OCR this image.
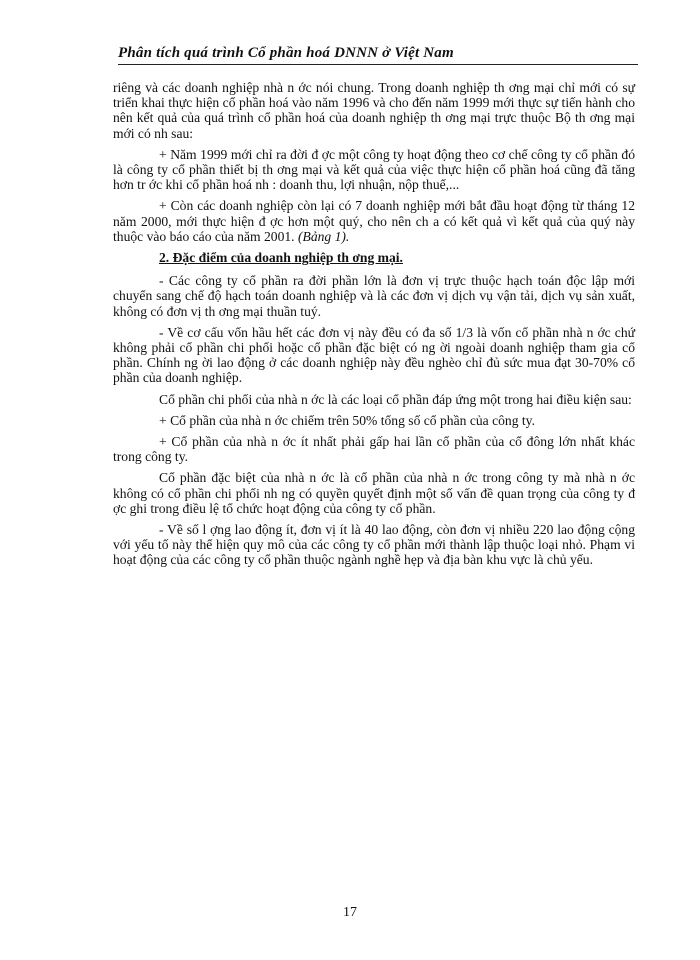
Phân tích quá trình Cổ phần hoá DNNN ở Việt Nam

riêng và các doanh nghiệp nhà n ớc nói chung. Trong doanh nghiệp th ơng mại chỉ mới có sự triển khai thực hiện cổ phần hoá vào năm 1996 và cho đến năm 1999 mới thực sự tiến hành cho nên kết quả của quá trình cổ phần hoá của doanh nghiệp th ơng mại trực thuộc Bộ th ơng mại mới có nh sau:

+ Năm 1999 mới chỉ ra đời đ ợc một công ty hoạt động theo cơ chế công ty cổ phần đó là công ty cổ phần thiết bị th ơng mại và kết quả của việc thực hiện cổ phần hoá cũng đã tăng hơn tr ớc khi cổ phần hoá nh : doanh thu, lợi nhuận, nộp thuế,...

+ Còn các doanh nghiệp còn lại có 7 doanh nghiệp mới bắt đầu hoạt động từ tháng 12 năm 2000, mới thực hiện đ ợc hơn một quý, cho nên ch a có kết quả vì kết quả của quý này thuộc vào báo cáo của năm 2001. (Bảng 1).

2. Đặc điểm của doanh nghiệp th ơng mại.

- Các công ty cổ phần ra đời phần lớn là đơn vị trực thuộc hạch toán độc lập mới chuyển sang chế độ hạch toán doanh nghiệp và là các đơn vị dịch vụ vận tải, dịch vụ sản xuất, không có đơn vị th ơng mại thuần tuý.

- Về cơ cấu vốn hầu hết các đơn vị này đều có đa số 1/3 là vốn cổ phần nhà n ớc chứ không phải cổ phần chi phối hoặc cổ phần đặc biệt có ng ời ngoài doanh nghiệp tham gia cổ phần. Chính ng ời lao động ở các doanh nghiệp này đều nghèo chỉ đủ sức mua đạt 30-70% cổ phần của doanh nghiệp.

Cổ phần chi phối của nhà n ớc là các loại cổ phần đáp ứng một trong hai điều kiện sau:

+ Cổ phần của nhà n ớc chiếm trên 50% tổng số cổ phần của công ty.

+ Cổ phần của nhà n ớc ít nhất phải gấp hai lần cổ phần của cổ đông lớn nhất khác trong công ty.

Cổ phần đặc biệt của nhà n ớc là cổ phần của nhà n ớc trong công ty mà nhà n ớc không có cổ phần chi phối nh ng có quyền quyết định một số vấn đề quan trọng của công ty đ ợc ghi trong điều lệ tổ chức hoạt động của công ty cổ phần.

- Về số l ợng lao động ít, đơn vị ít là 40 lao động, còn đơn vị nhiều 220 lao động cộng với yếu tố này thể hiện quy mô của các công ty cổ phần mới thành lập thuộc loại nhỏ. Phạm vi hoạt động của các công ty cổ phần thuộc ngành nghề hẹp và địa bàn khu vực là chủ yếu.

17
